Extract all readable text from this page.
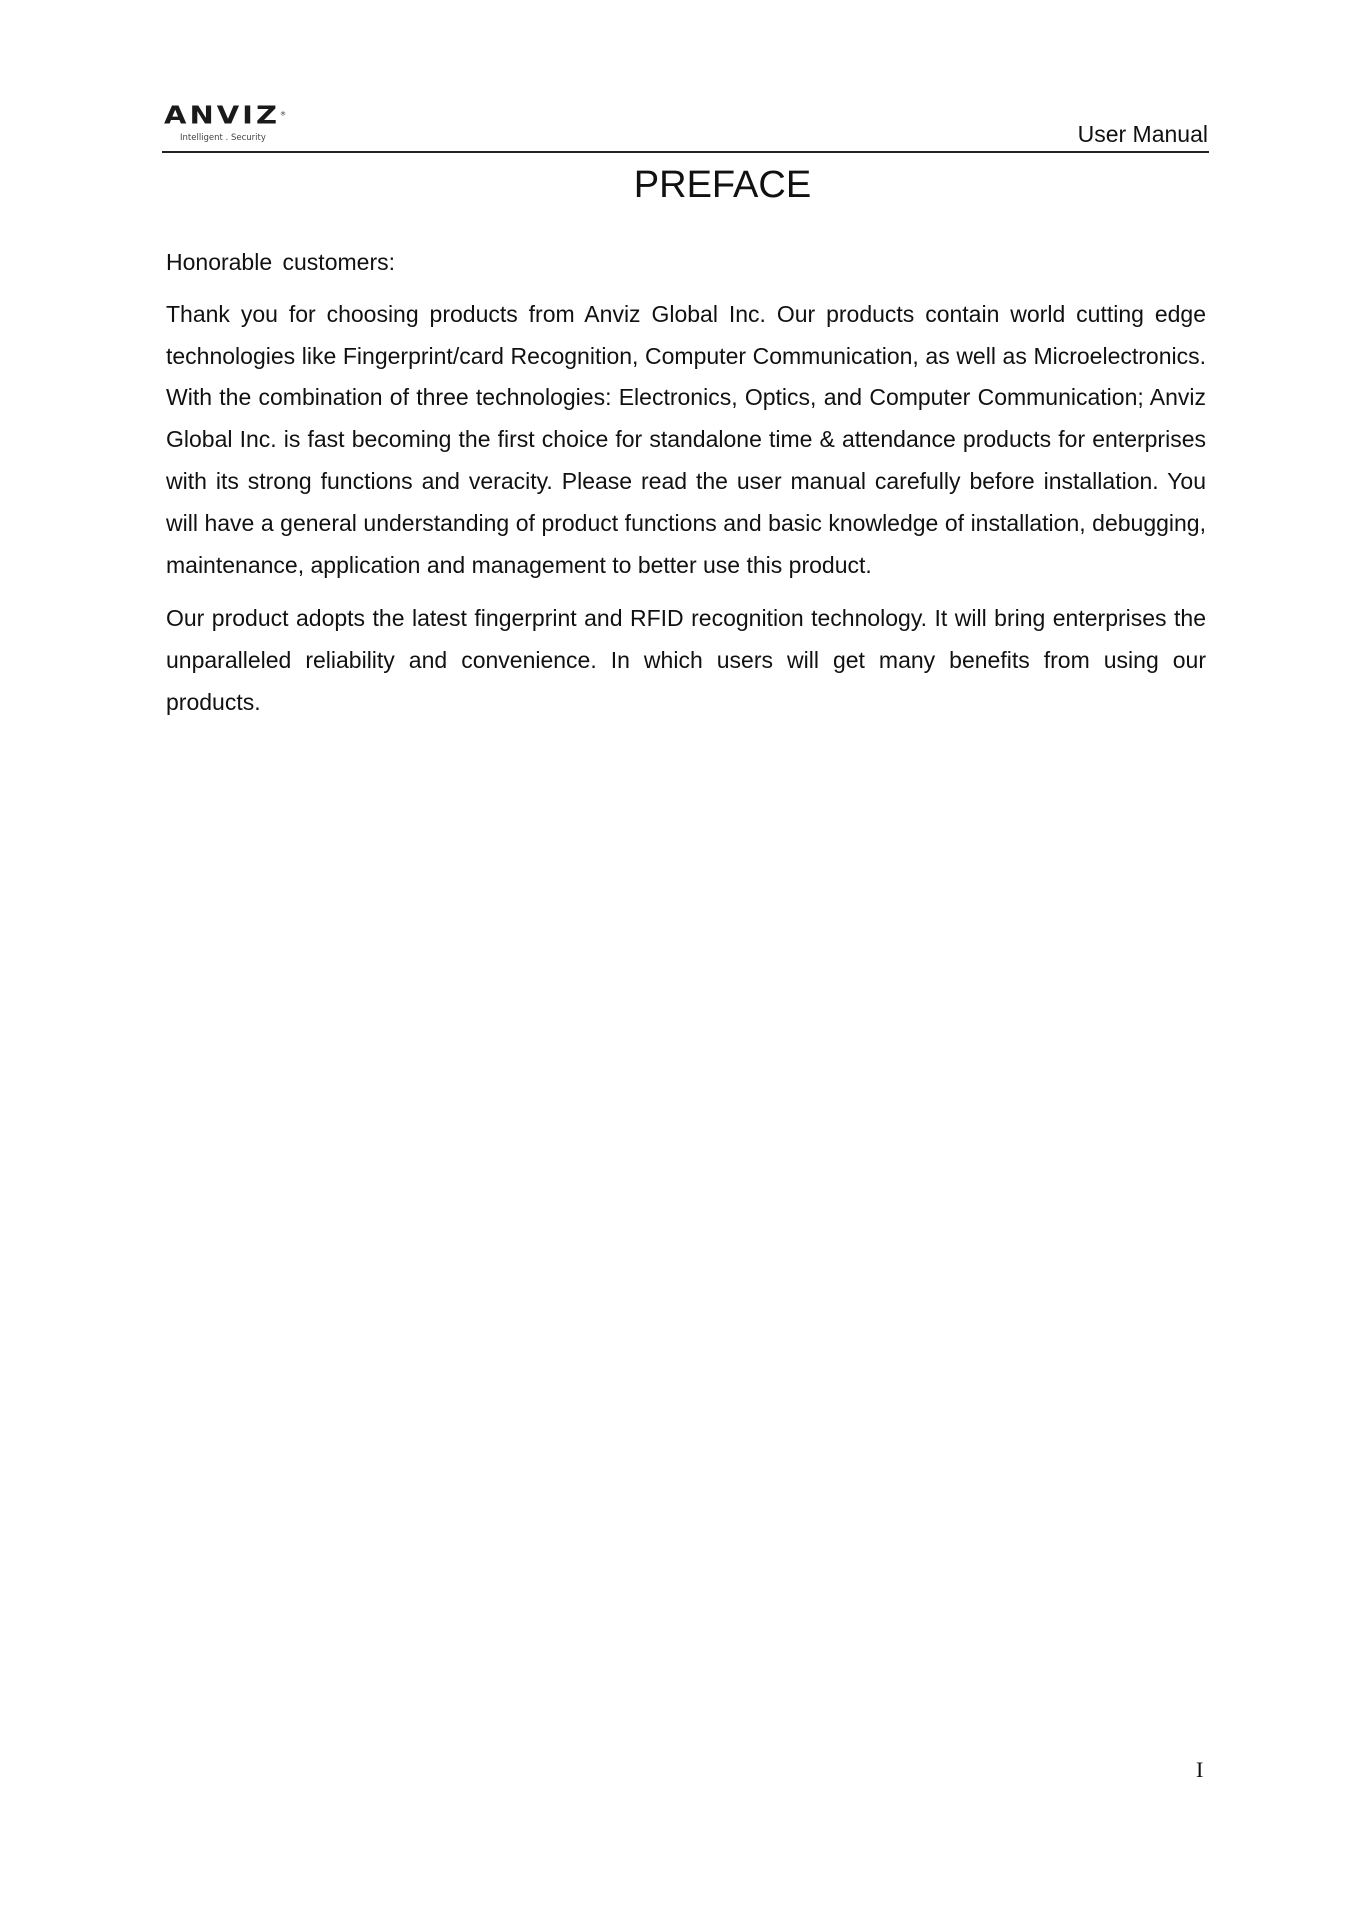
ANVIZ®
Intelligent . Security	User Manual
PREFACE

Honorable customers:

Thank you for choosing products from Anviz Global Inc. Our products contain world cutting edge technologies like Fingerprint/card Recognition, Computer Communication, as well as Microelectronics. With the combination of three technologies: Electronics, Optics, and Computer Communication; Anviz Global Inc. is fast becoming the first choice for standalone time & attendance products for enterprises with its strong functions and veracity. Please read the user manual carefully before installation. You will have a general understanding of product functions and basic knowledge of installation, debugging, maintenance, application and management to better use this product.

Our product adopts the latest fingerprint and RFID recognition technology. It will bring enterprises the unparalleled reliability and convenience. In which users will get many benefits from using our products.

I
